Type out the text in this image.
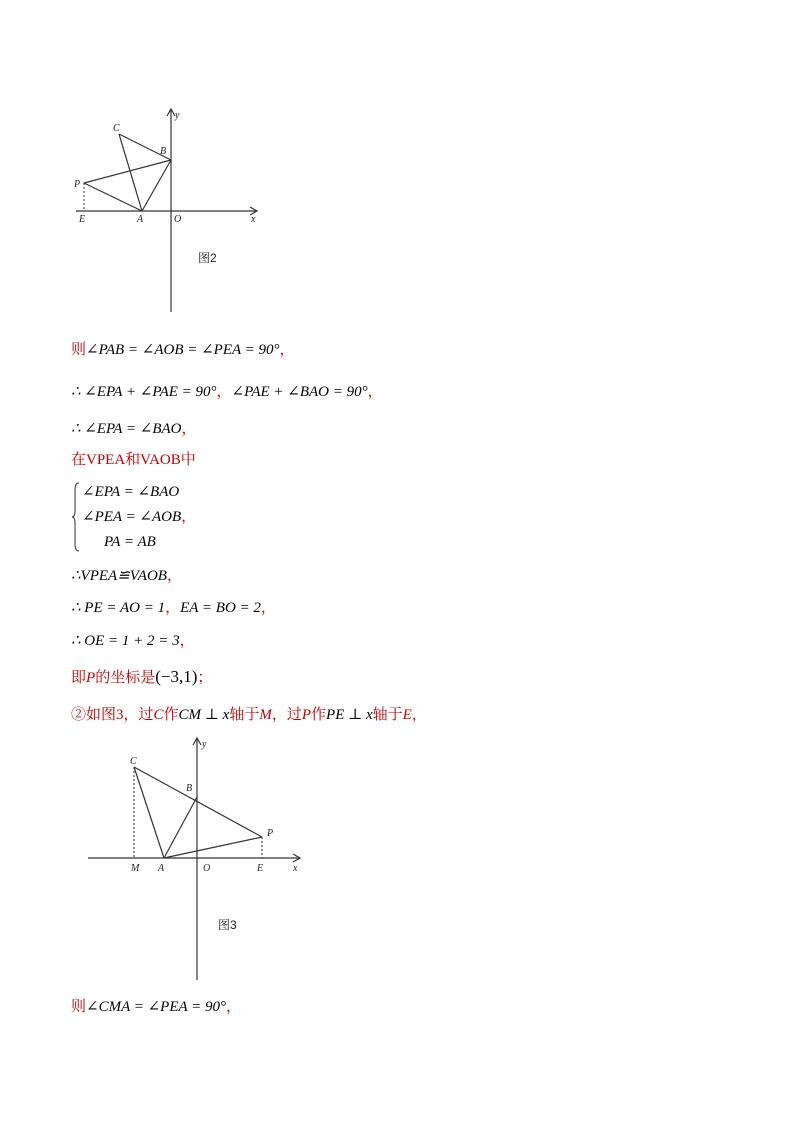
C
B
P
E	A	O	x
y
图2
则∠PAB = ∠AOB = ∠PEA = 90°，
∴ ∠EPA + ∠PAE = 90°，∠PAE + ∠BAO = 90°，
∴ ∠EPA = ∠BAO，
在VPEA和VAOB中
∠EPA = ∠BAO
∠PEA = ∠AOB，
PA = AB
∴VPEA≌VAOB，
∴ PE = AO = 1，EA = BO = 2，
∴ OE = 1 + 2 = 3，
即P的坐标是(−3,1)；
②如图3，过C作CM ⊥ x轴于M，过P作PE ⊥ x轴于E，
C
B
P
M A	O	E	x
y
图3
则∠CMA = ∠PEA = 90°，
